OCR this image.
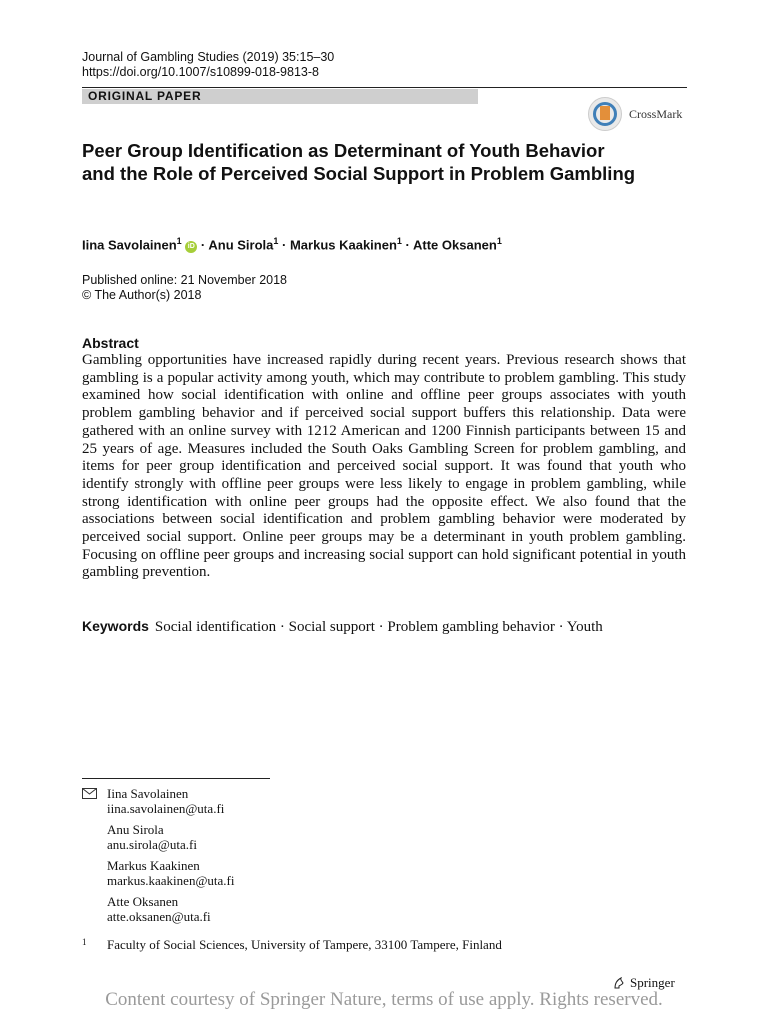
Journal of Gambling Studies (2019) 35:15–30
https://doi.org/10.1007/s10899-018-9813-8
ORIGINAL PAPER
CrossMark
Peer Group Identification as Determinant of Youth Behavior and the Role of Perceived Social Support in Problem Gambling
Iina Savolainen$^1$ iD · Anu Sirola$^1$ · Markus Kaakinen$^1$ · Atte Oksanen$^1$
Published online: 21 November 2018
© The Author(s) 2018
Abstract
Gambling opportunities have increased rapidly during recent years. Previous research shows that gambling is a popular activity among youth, which may contribute to problem gambling. This study examined how social identification with online and offline peer groups associates with youth problem gambling behavior and if perceived social support buffers this relationship. Data were gathered with an online survey with 1212 American and 1200 Finnish participants between 15 and 25 years of age. Measures included the South Oaks Gambling Screen for problem gambling, and items for peer group identification and perceived social support. It was found that youth who identify strongly with offline peer groups were less likely to engage in problem gambling, while strong identification with online peer groups had the opposite effect. We also found that the associations between social identification and problem gambling behavior were moderated by perceived social support. Online peer groups may be a determinant in youth problem gambling. Focusing on offline peer groups and increasing social support can hold significant potential in youth gambling prevention.
Keywords Social identification · Social support · Problem gambling behavior · Youth
Iina Savolainen
iina.savolainen@uta.fi
Anu Sirola
anu.sirola@uta.fi
Markus Kaakinen
markus.kaakinen@uta.fi
Atte Oksanen
atte.oksanen@uta.fi
1 Faculty of Social Sciences, University of Tampere, 33100 Tampere, Finland
Springer
Content courtesy of Springer Nature, terms of use apply. Rights reserved.
